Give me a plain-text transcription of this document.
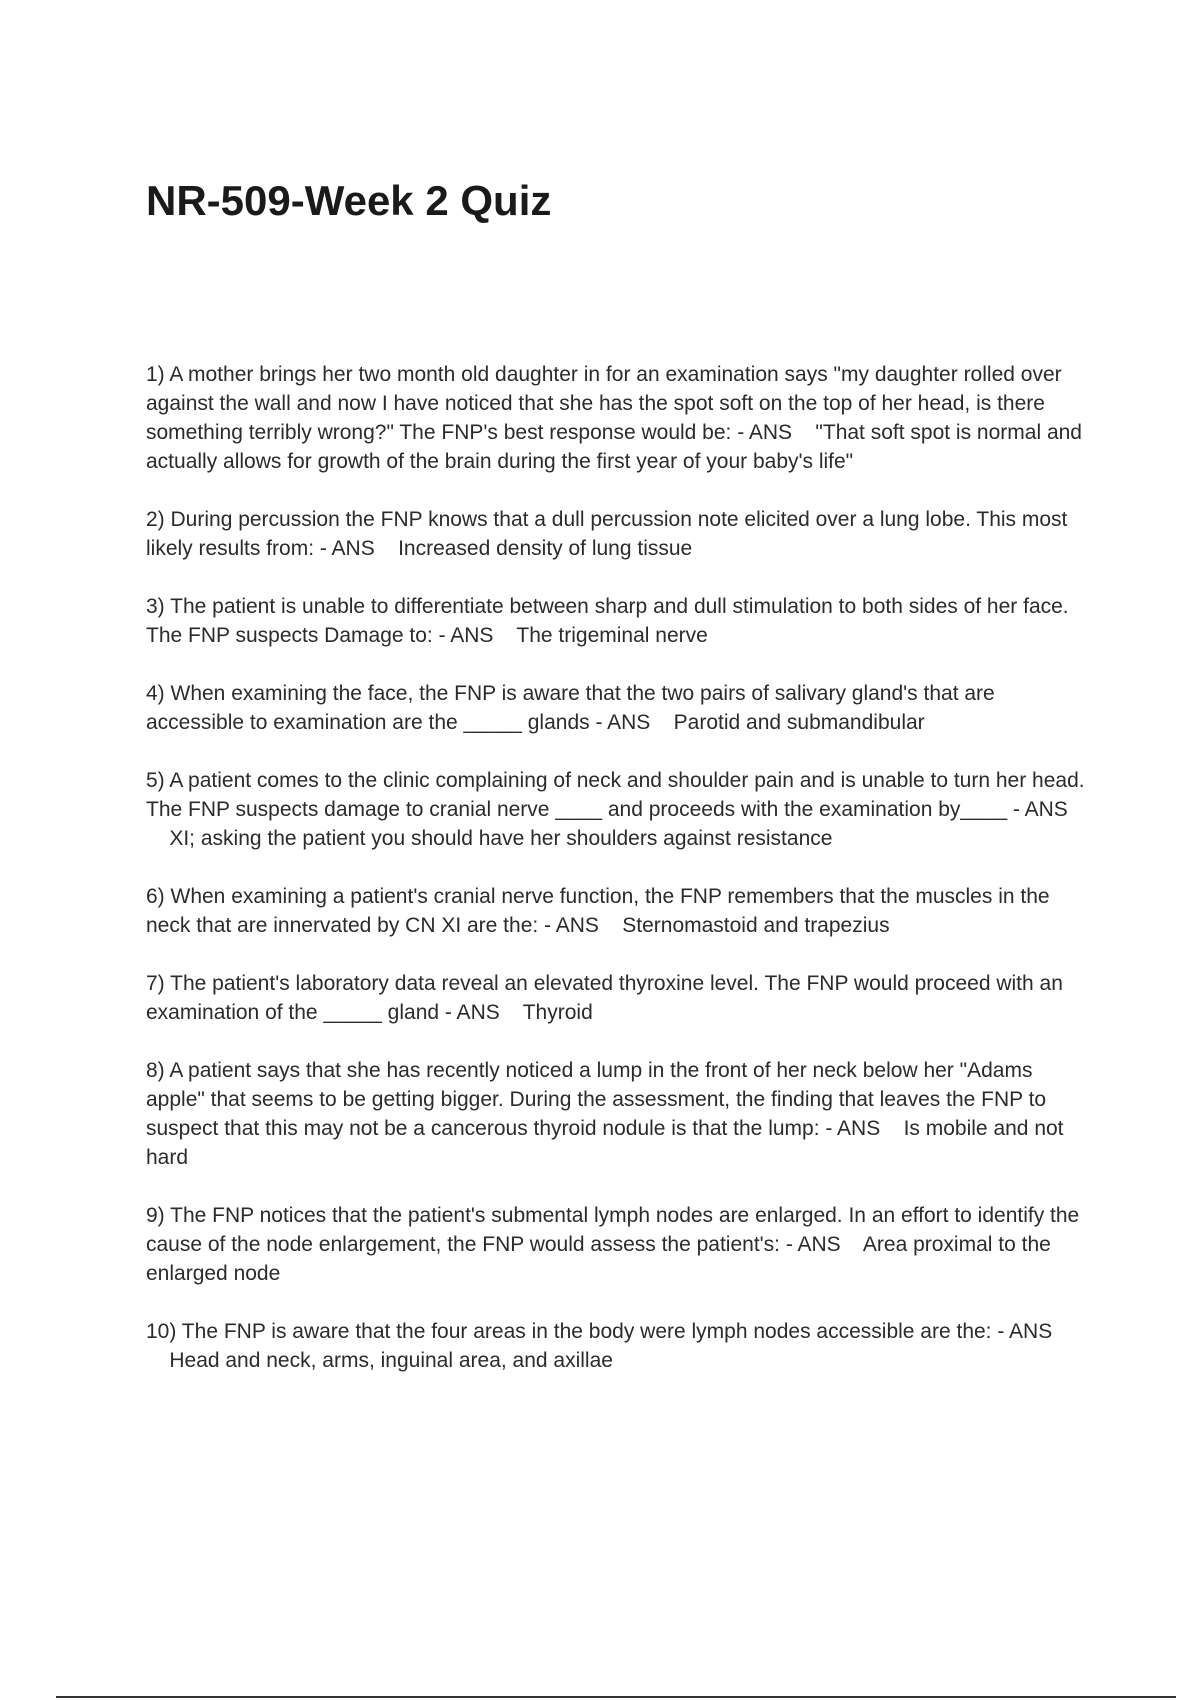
NR-509-Week 2 Quiz
1) A mother brings her two month old daughter in for an examination says "my daughter rolled over against the wall and now I have noticed that she has the spot soft on the top of her head, is there something terribly wrong?" The FNP's best response would be: - ANS "That soft spot is normal and actually allows for growth of the brain during the first year of your baby's life"
2) During percussion the FNP knows that a dull percussion note elicited over a lung lobe. This most likely results from: - ANS Increased density of lung tissue
3) The patient is unable to differentiate between sharp and dull stimulation to both sides of her face. The FNP suspects Damage to: - ANS The trigeminal nerve
4) When examining the face, the FNP is aware that the two pairs of salivary gland's that are accessible to examination are the _____ glands - ANS Parotid and submandibular
5) A patient comes to the clinic complaining of neck and shoulder pain and is unable to turn her head. The FNP suspects damage to cranial nerve ____ and proceeds with the examination by____ - ANS    XI; asking the patient you should have her shoulders against resistance
6) When examining a patient's cranial nerve function, the FNP remembers that the muscles in the neck that are innervated by CN XI are the: - ANS Sternomastoid and trapezius
7) The patient's laboratory data reveal an elevated thyroxine level. The FNP would proceed with an examination of the _____ gland - ANS Thyroid
8) A patient says that she has recently noticed a lump in the front of her neck below her "Adams apple" that seems to be getting bigger. During the assessment, the finding that leaves the FNP to suspect that this may not be a cancerous thyroid nodule is that the lump: - ANS Is mobile and not hard
9) The FNP notices that the patient's submental lymph nodes are enlarged. In an effort to identify the cause of the node enlargement, the FNP would assess the patient's: - ANS Area proximal to the enlarged node
10) The FNP is aware that the four areas in the body were lymph nodes accessible are the: - ANS    Head and neck, arms, inguinal area, and axillae
